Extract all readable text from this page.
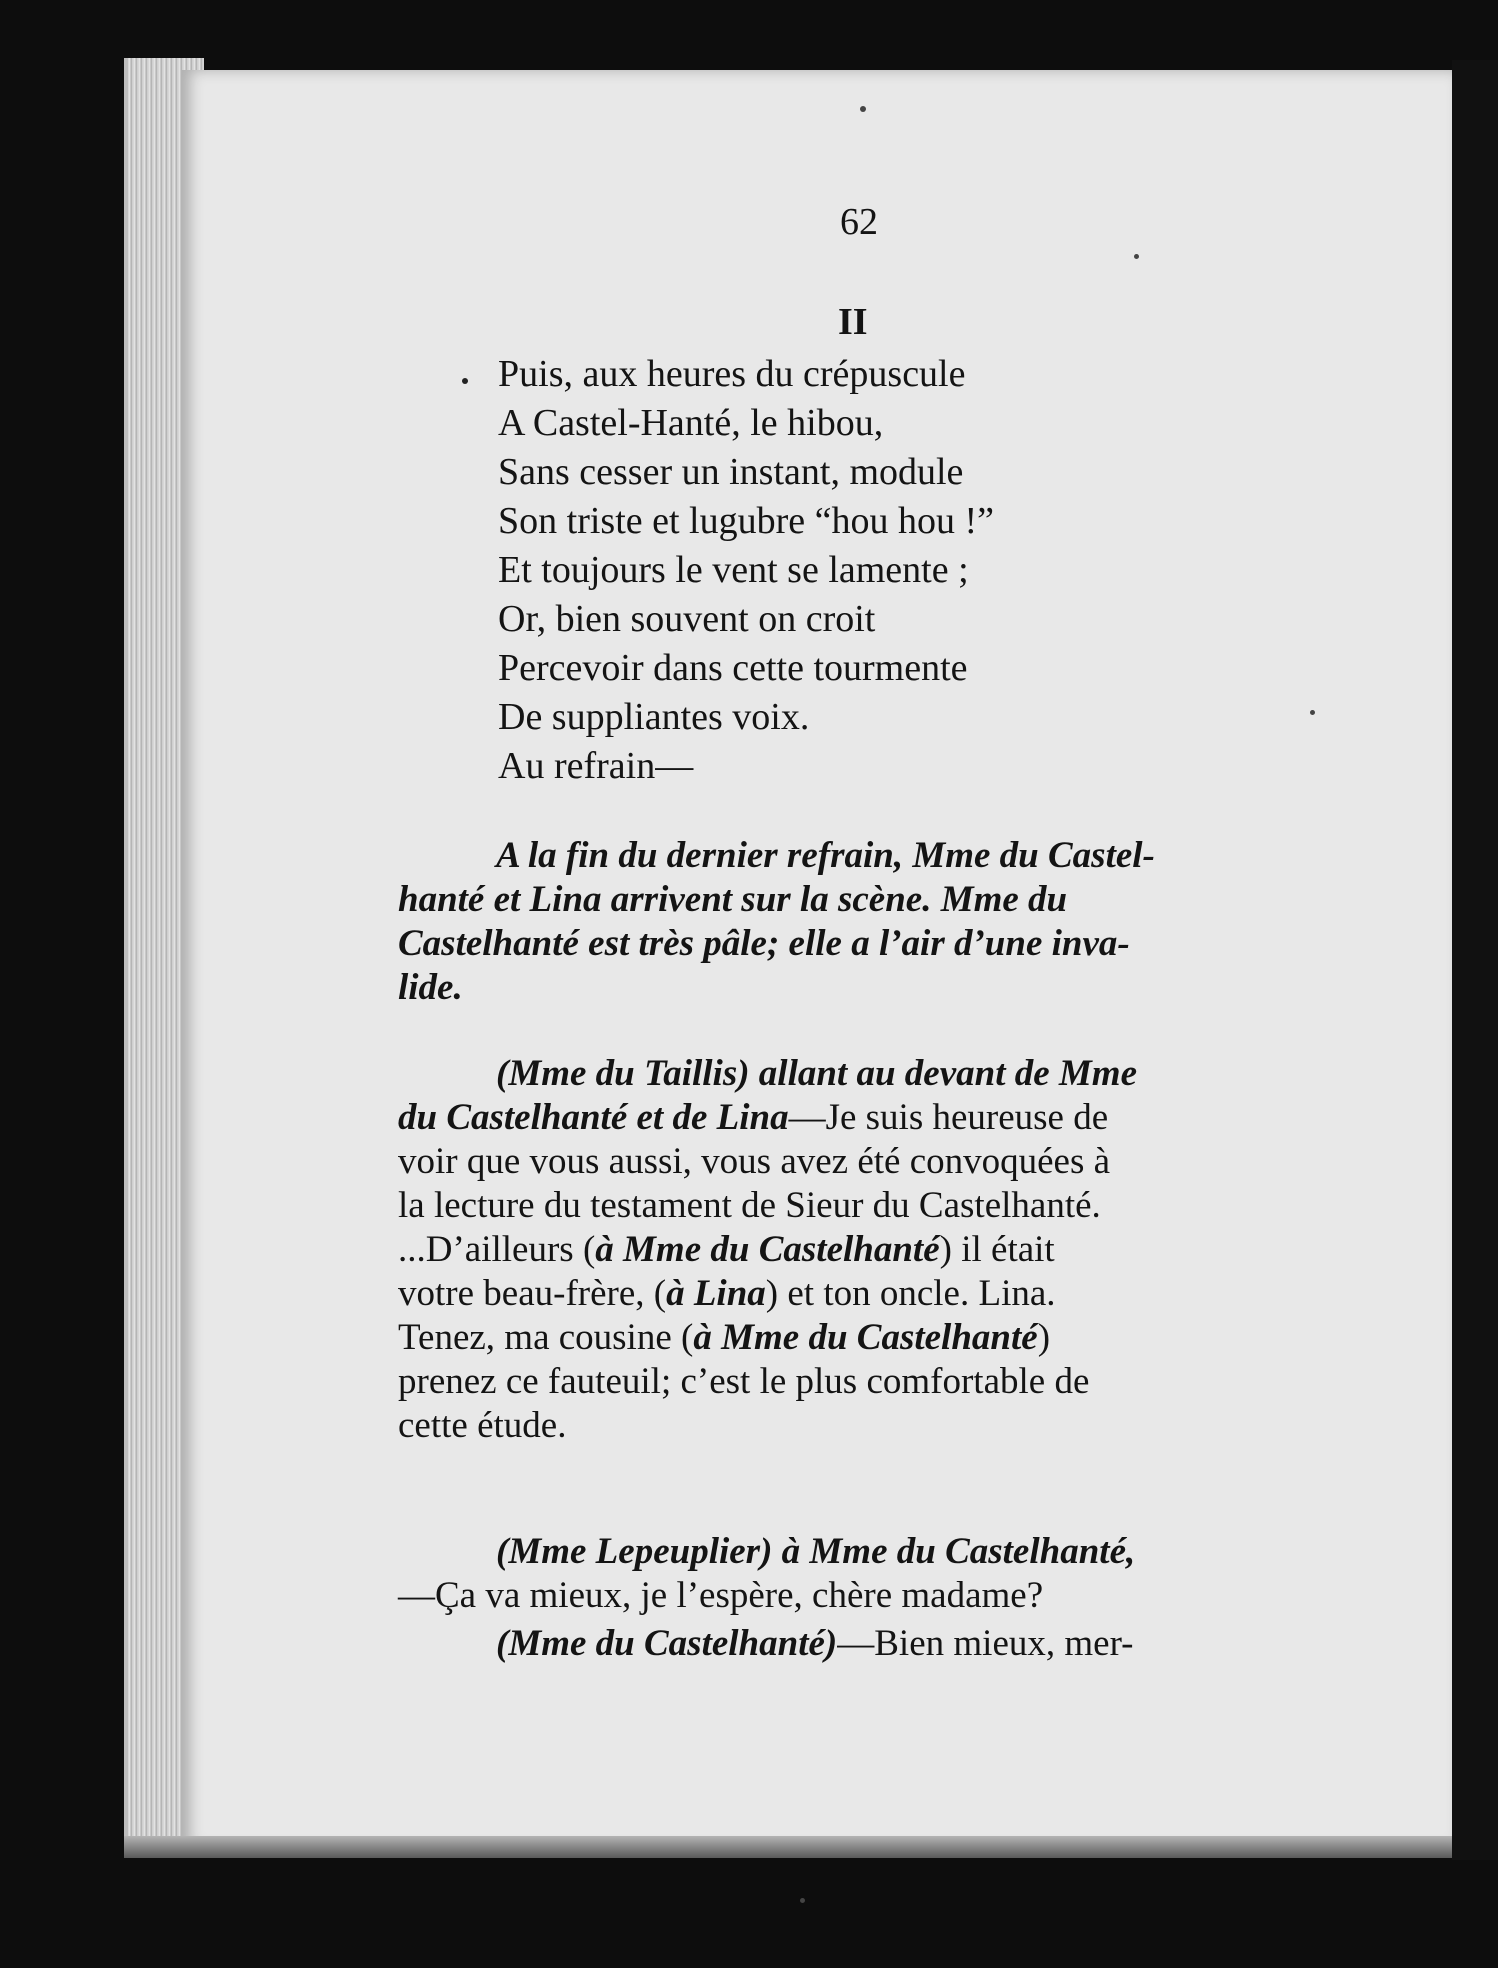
62
II
Puis, aux heures du crépuscule
A Castel-Hanté, le hibou,
Sans cesser un instant, module
Son triste et lugubre “hou hou !”
Et toujours le vent se lamente ;
Or, bien souvent on croit
Percevoir dans cette tourmente
De suppliantes voix.
Au refrain—
A la fin du dernier refrain, Mme du Castel-
hanté et Lina arrivent sur la scène. Mme du
Castelhanté est très pâle; elle a l’air d’une inva-
lide.
(Mme du Taillis) allant au devant de Mme
du Castelhanté et de Lina—Je suis heureuse de
voir que vous aussi, vous avez été convoquées à
la lecture du testament de Sieur du Castelhanté.
...D’ailleurs (à Mme du Castelhanté) il était
votre beau-frère, (à Lina) et ton oncle. Lina.
Tenez, ma cousine (à Mme du Castelhanté)
prenez ce fauteuil; c’est le plus comfortable de
cette étude.
(Mme Lepeuplier) à Mme du Castelhanté,
—Ça va mieux, je l’espère, chère madame?
(Mme du Castelhanté)—Bien mieux, mer-
